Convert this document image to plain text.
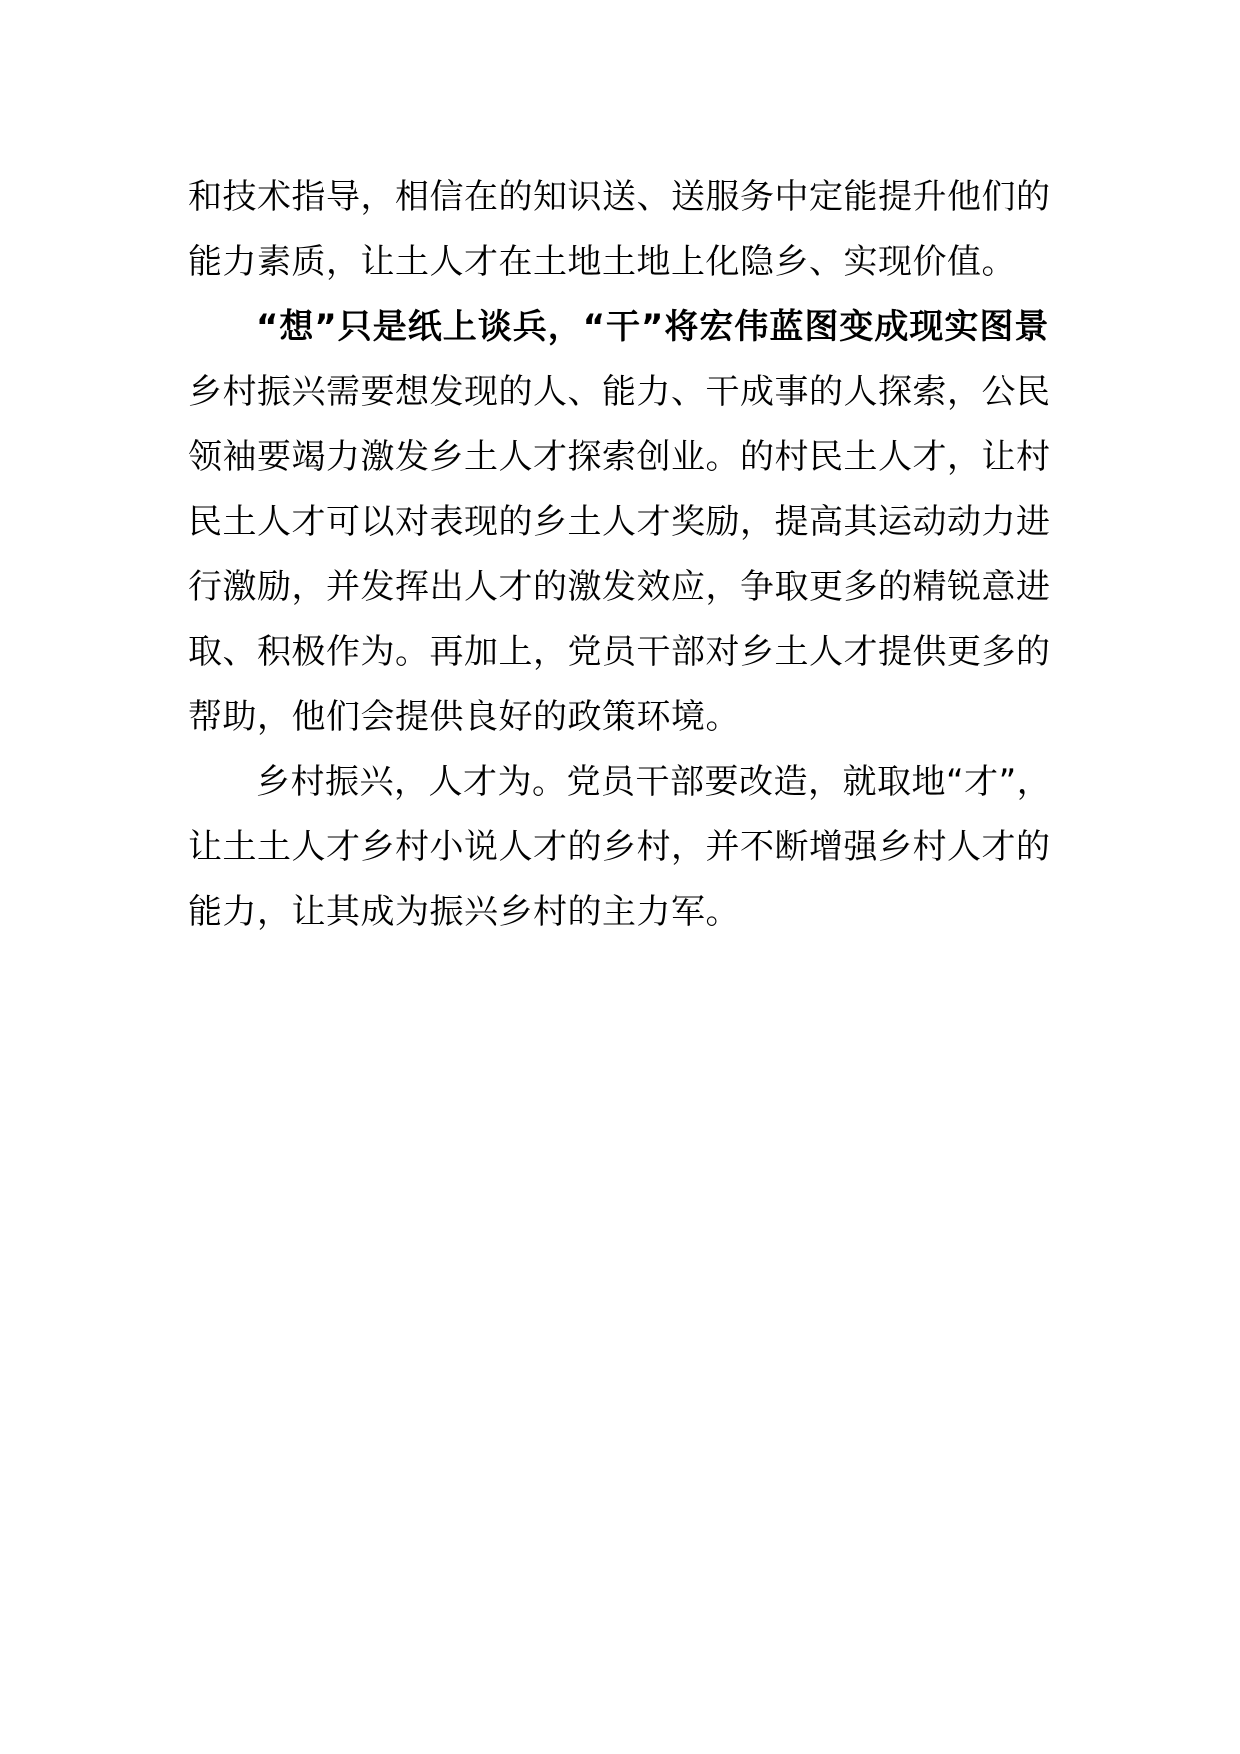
和技术指导，相信在的知识送、送服务中定能提升他们的
能力素质，让土人才在土地土地上化隐乡、实现价值。
“想”只是纸上谈兵，“干”将宏伟蓝图变成现实图景
乡村振兴需要想发现的人、能力、干成事的人探索，公民
领袖要竭力激发乡土人才探索创业。的村民土人才，让村
民土人才可以对表现的乡土人才奖励，提高其运动动力进
行激励，并发挥出人才的激发效应，争取更多的精锐意进
取、积极作为。再加上，党员干部对乡土人才提供更多的
帮助，他们会提供良好的政策环境。
乡村振兴，人才为。党员干部要改造，就取地“才”，
让土土人才乡村小说人才的乡村，并不断增强乡村人才的
能力，让其成为振兴乡村的主力军。
